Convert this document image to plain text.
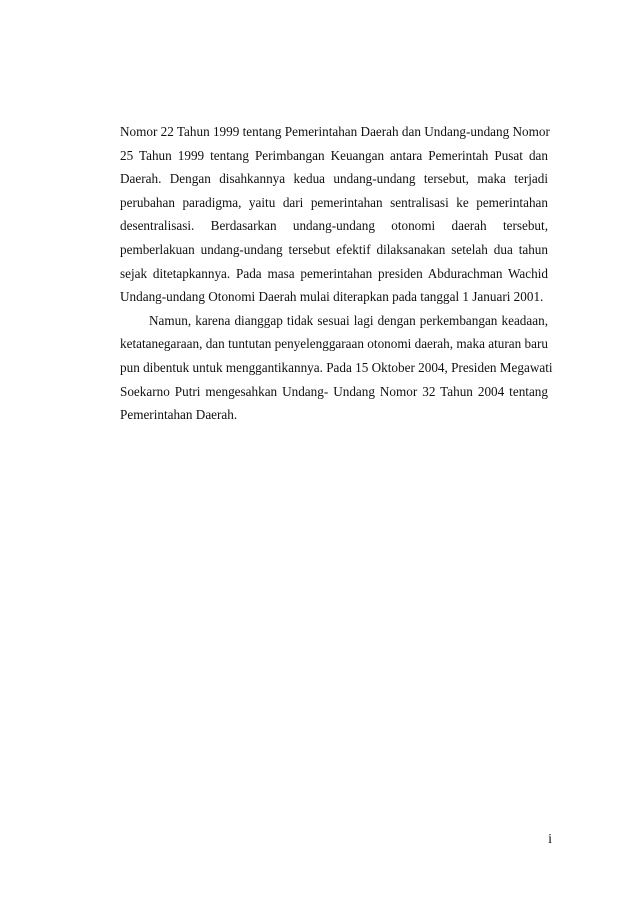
Nomor 22 Tahun 1999 tentang Pemerintahan Daerah dan Undang-undang Nomor
25 Tahun 1999 tentang Perimbangan Keuangan antara Pemerintah Pusat dan
Daerah. Dengan disahkannya kedua undang-undang tersebut, maka terjadi
perubahan paradigma, yaitu dari pemerintahan sentralisasi ke pemerintahan
desentralisasi. Berdasarkan undang-undang otonomi daerah tersebut,
pemberlakuan undang-undang tersebut efektif dilaksanakan setelah dua tahun
sejak ditetapkannya. Pada masa pemerintahan presiden Abdurachman Wachid
Undang-undang Otonomi Daerah mulai diterapkan pada tanggal 1 Januari 2001.
Namun, karena dianggap tidak sesuai lagi dengan perkembangan keadaan,
ketatanegaraan, dan tuntutan penyelenggaraan otonomi daerah, maka aturan baru
pun dibentuk untuk menggantikannya. Pada 15 Oktober 2004, Presiden Megawati
Soekarno Putri mengesahkan Undang- Undang Nomor 32 Tahun 2004 tentang
Pemerintahan Daerah.
i
